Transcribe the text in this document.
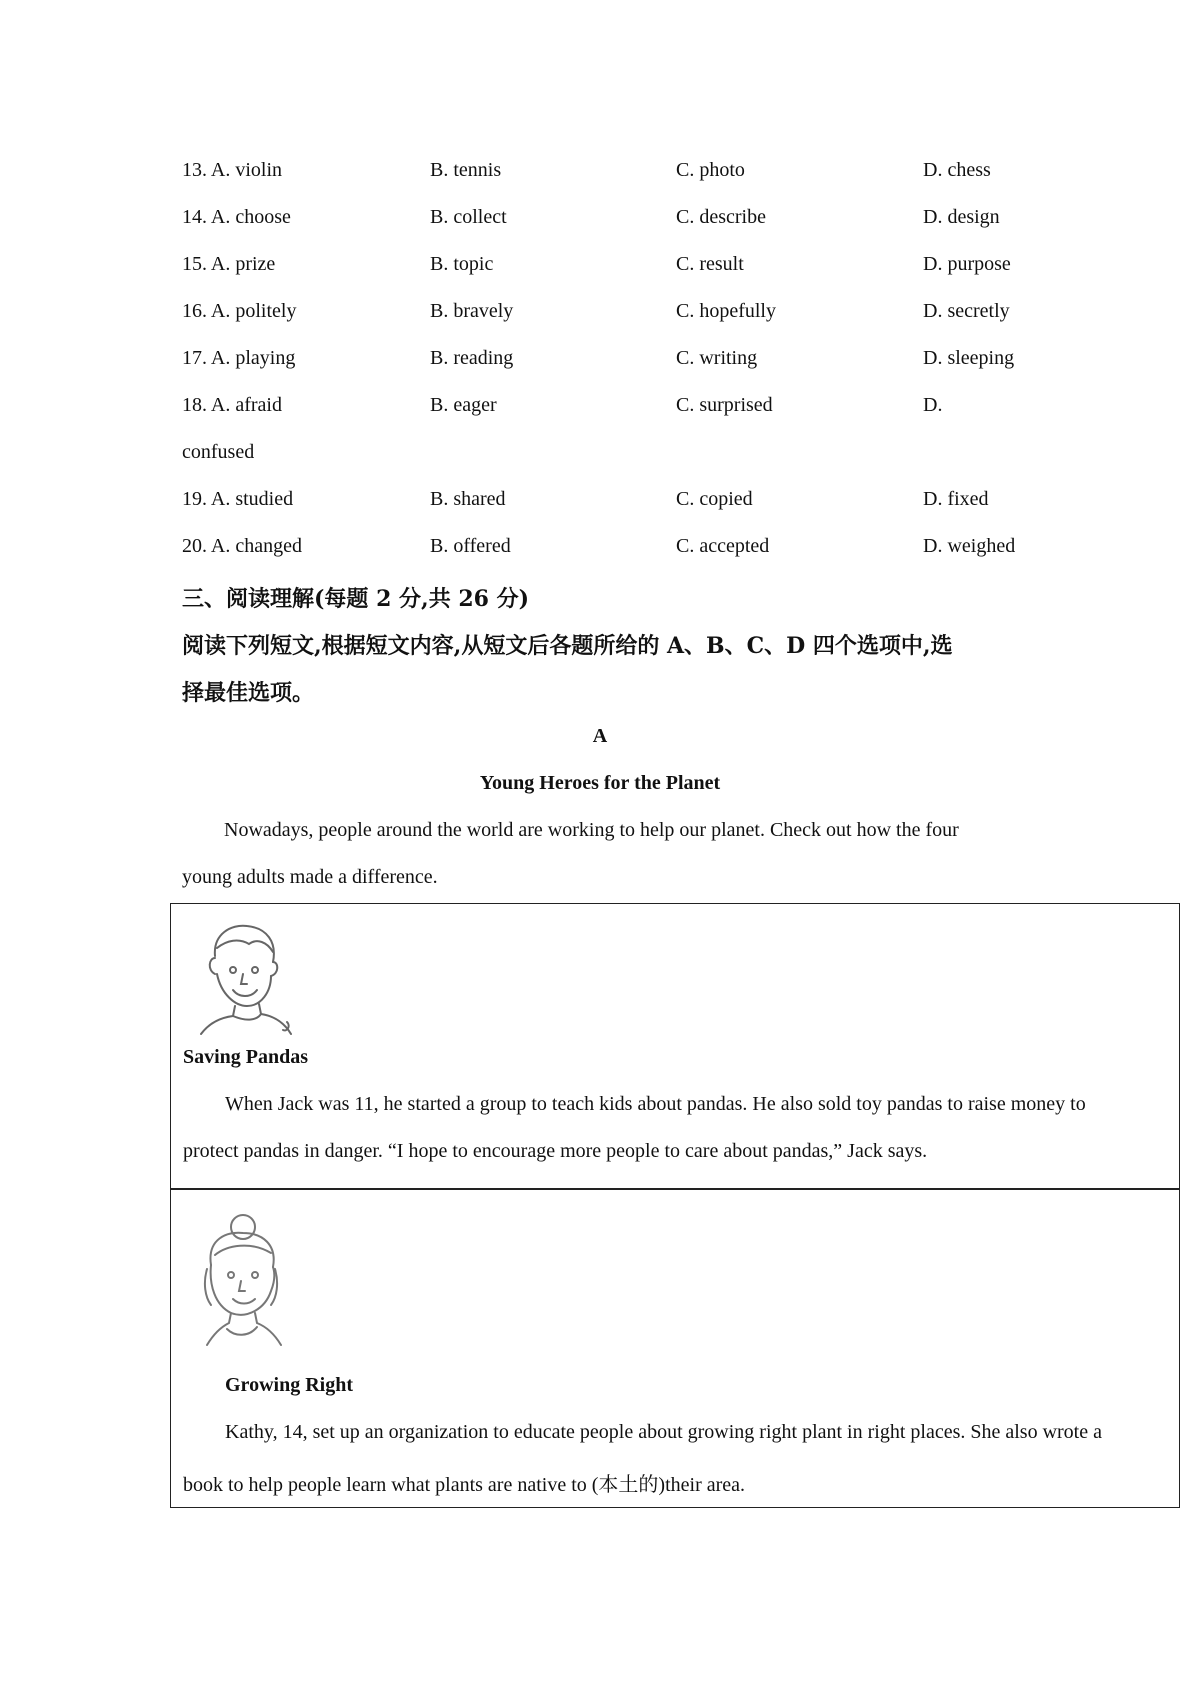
13. A. violin	B. tennis	C. photo	D. chess
14. A. choose	B. collect	C. describe	D. design
15. A. prize	B. topic	C. result	D. purpose
16. A. politely	B. bravely	C. hopefully	D. secretly
17. A. playing	B. reading	C. writing	D. sleeping
18. A. afraid	B. eager	C. surprised	D.
confused
19. A. studied	B. shared	C. copied	D. fixed
20. A. changed	B. offered	C. accepted	D. weighed
三、阅读理解(每题 2 分,共 26 分)
阅读下列短文,根据短文内容,从短文后各题所给的 A、B、C、D 四个选项中,选
择最佳选项。
A
Young Heroes for the Planet
Nowadays, people around the world are working to help our planet. Check out how the four
young adults made a difference.
Saving Pandas
When Jack was 11, he started a group to teach kids about pandas. He also sold toy pandas to raise money to
protect pandas in danger. “I hope to encourage more people to care about pandas,” Jack says.
Growing Right
Kathy, 14, set up an organization to educate people about growing right plant in right places. She also wrote a
book to help people learn what plants are native to (本土的)their area.
